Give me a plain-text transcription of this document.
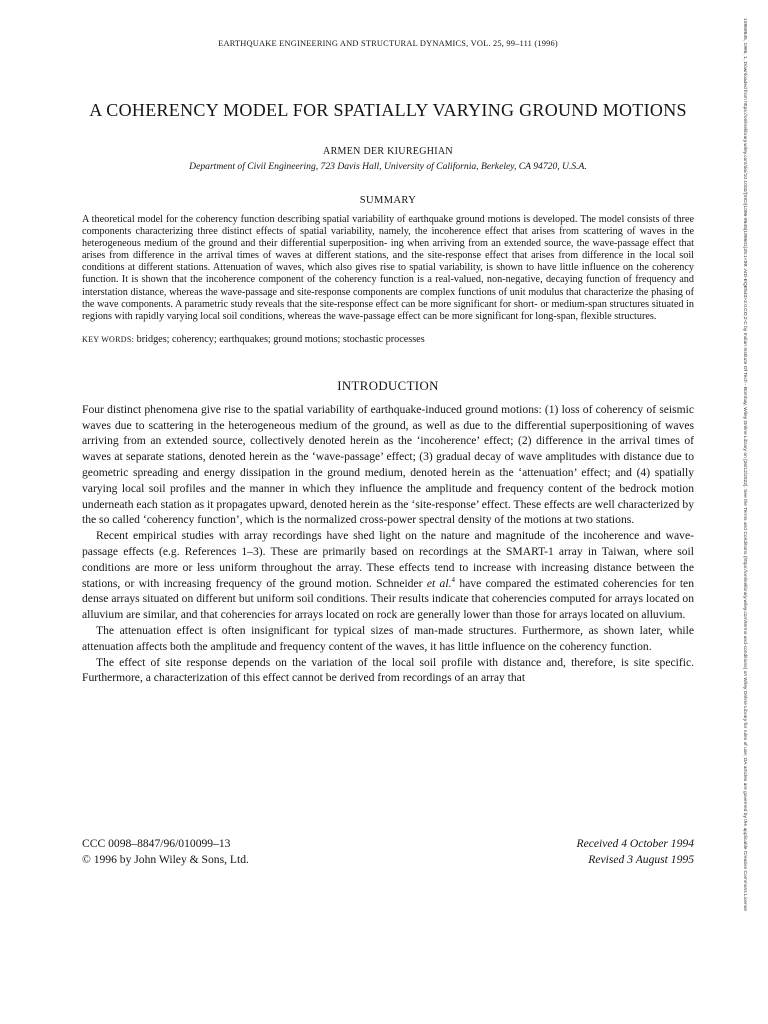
EARTHQUAKE ENGINEERING AND STRUCTURAL DYNAMICS, VOL. 25, 99–111 (1996)

A COHERENCY MODEL FOR SPATIALLY VARYING GROUND MOTIONS

ARMEN DER KIUREGHIAN

Department of Civil Engineering, 723 Davis Hall, University of California, Berkeley, CA 94720, U.S.A.

SUMMARY

A theoretical model for the coherency function describing spatial variability of earthquake ground motions is developed. The model consists of three components characterizing three distinct effects of spatial variability, namely, the incoherence effect that arises from scattering of waves in the heterogeneous medium of the ground and their differential superposition- ing when arriving from an extended source, the wave-passage effect that arises from difference in the arrival times of waves at different stations, and the site-response effect that arises from difference in the local soil conditions at different stations. Attenuation of waves, which also gives rise to spatial variability, is shown to have little influence on the coherency function. It is shown that the incoherence component of the coherency function is a real-valued, non-negative, decaying function of frequency and interstation distance, whereas the wave-passage and site-response components are complex functions of unit modulus that characterize the phasing of the wave components. A parametric study reveals that the site-response effect can be more significant for short- or medium-span structures situated in regions with rapidly varying local soil conditions, whereas the wave-passage effect can be more significant for long-span, flexible structures.

KEY WORDS: bridges; coherency; earthquakes; ground motions; stochastic processes

INTRODUCTION

Four distinct phenomena give rise to the spatial variability of earthquake-induced ground motions: (1) loss of coherency of seismic waves due to scattering in the heterogeneous medium of the ground, as well as due to the differential superpositioning of waves arriving from an extended source, collectively denoted herein as the ‘incoherence’ effect; (2) difference in the arrival times of waves at separate stations, denoted herein as the ‘wave-passage’ effect; (3) gradual decay of wave amplitudes with distance due to geometric spreading and energy dissipation in the ground medium, denoted herein as the ‘attenuation’ effect; and (4) spatially varying local soil profiles and the manner in which they influence the amplitude and frequency content of the bedrock motion underneath each station as it propagates upward, denoted herein as the ‘site-response’ effect. These effects are well characterized by the so called ‘coherency function’, which is the normalized cross-power spectral density of the motions at two stations.

Recent empirical studies with array recordings have shed light on the nature and magnitude of the incoherence and wave-passage effects (e.g. References 1–3). These are primarily based on recordings at the SMART-1 array in Taiwan, where soil conditions are more or less uniform throughout the array. These effects tend to increase with increasing distance between the stations, or with increasing frequency of the ground motion. Schneider et al.$^4$ have compared the estimated coherencies for ten dense arrays situated on different but uniform soil conditions. Their results indicate that coherencies computed for arrays located on alluvium are similar, and that coherencies for arrays located on rock are generally lower than those for arrays located on alluvium.

The attenuation effect is often insignificant for typical sizes of man-made structures. Furthermore, as shown later, while attenuation affects both the amplitude and frequency content of the waves, it has little influence on the coherency function.

The effect of site response depends on the variation of the local soil profile with distance and, therefore, is site specific. Furthermore, a characterization of this effect cannot be derived from recordings of an array that

CCC 0098–8847/96/010099–13
© 1996 by John Wiley & Sons, Ltd.
Received 4 October 1994
Revised 3 August 1995	10969845, 1996, 1, Downloaded from https://onlinelibrary.wiley.com/doi/10.1002/(SICI)1096-9845(199601)25:1<99::AID-EQE540>3.0.CO;2-C by Indian Institute Of Tech - Bombay, Wiley Online Library on [26/12/2022]. See the Terms and Conditions (https://onlinelibrary.wiley.com/terms-and-conditions) on Wiley Online Library for rules of use; OA articles are governed by the applicable Creative Commons License
